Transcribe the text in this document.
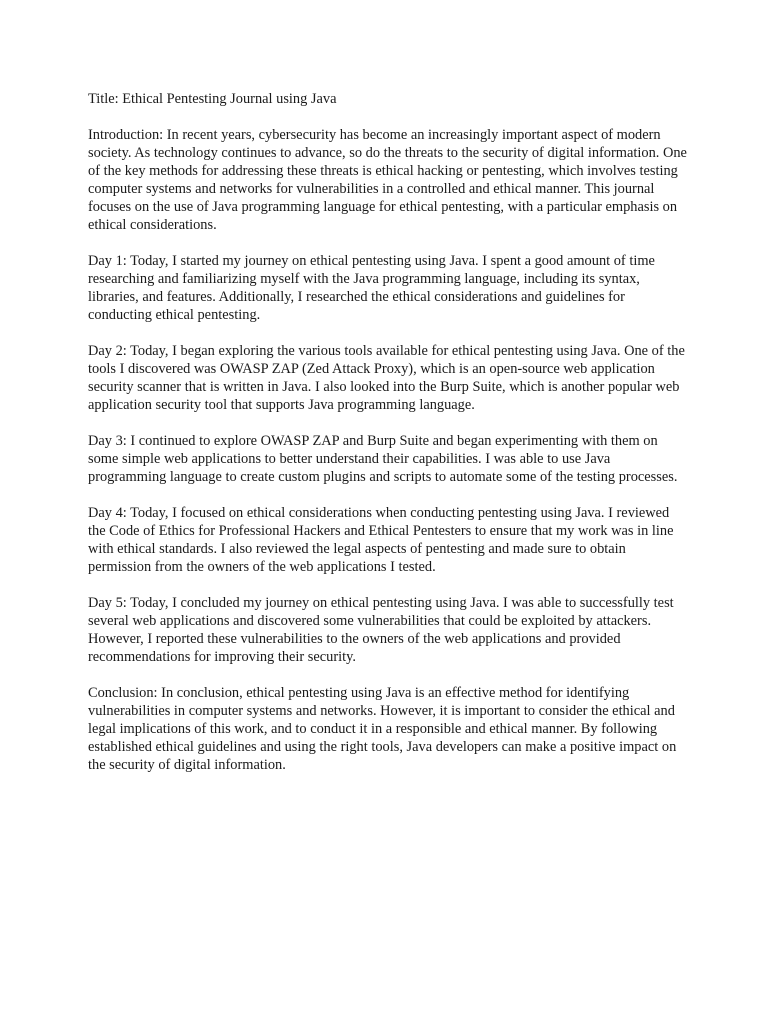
Title: Ethical Pentesting Journal using Java

Introduction: In recent years, cybersecurity has become an increasingly important aspect of modern society. As technology continues to advance, so do the threats to the security of digital information. One of the key methods for addressing these threats is ethical hacking or pentesting, which involves testing computer systems and networks for vulnerabilities in a controlled and ethical manner. This journal focuses on the use of Java programming language for ethical pentesting, with a particular emphasis on ethical considerations.

Day 1: Today, I started my journey on ethical pentesting using Java. I spent a good amount of time researching and familiarizing myself with the Java programming language, including its syntax, libraries, and features. Additionally, I researched the ethical considerations and guidelines for conducting ethical pentesting.

Day 2: Today, I began exploring the various tools available for ethical pentesting using Java. One of the tools I discovered was OWASP ZAP (Zed Attack Proxy), which is an open-source web application security scanner that is written in Java. I also looked into the Burp Suite, which is another popular web application security tool that supports Java programming language.

Day 3: I continued to explore OWASP ZAP and Burp Suite and began experimenting with them on some simple web applications to better understand their capabilities. I was able to use Java programming language to create custom plugins and scripts to automate some of the testing processes.

Day 4: Today, I focused on ethical considerations when conducting pentesting using Java. I reviewed the Code of Ethics for Professional Hackers and Ethical Pentesters to ensure that my work was in line with ethical standards. I also reviewed the legal aspects of pentesting and made sure to obtain permission from the owners of the web applications I tested.

Day 5: Today, I concluded my journey on ethical pentesting using Java. I was able to successfully test several web applications and discovered some vulnerabilities that could be exploited by attackers. However, I reported these vulnerabilities to the owners of the web applications and provided recommendations for improving their security.

Conclusion: In conclusion, ethical pentesting using Java is an effective method for identifying vulnerabilities in computer systems and networks. However, it is important to consider the ethical and legal implications of this work, and to conduct it in a responsible and ethical manner. By following established ethical guidelines and using the right tools, Java developers can make a positive impact on the security of digital information.
